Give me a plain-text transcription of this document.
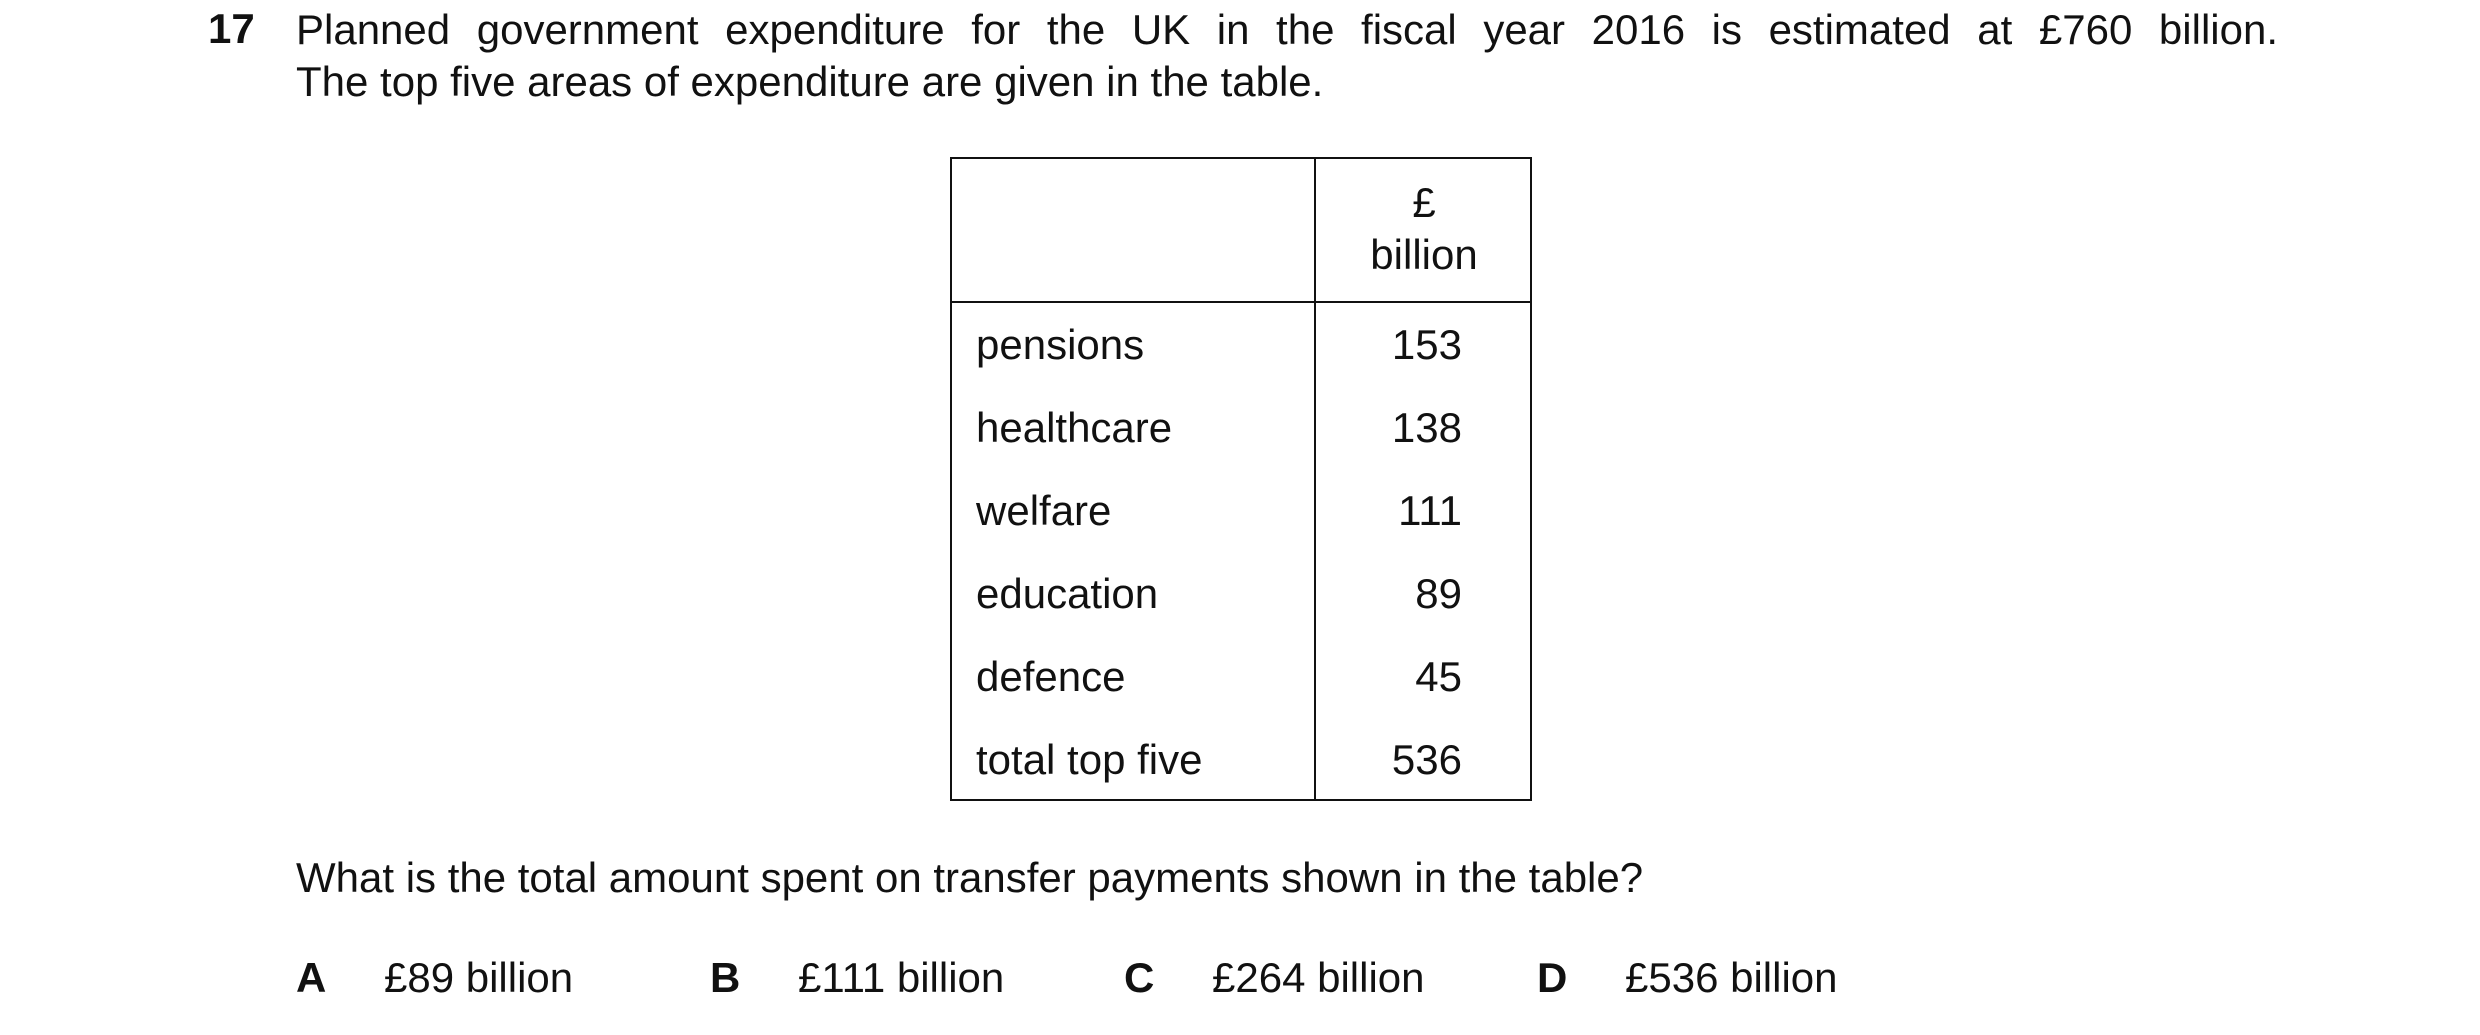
17 Planned government expenditure for the UK in the fiscal year 2016 is estimated at £760 billion.
The top five areas of expenditure are given in the table.
£
billion
pensions	153
healthcare	138
welfare	111
education	89
defence	45
total top five	536
What is the total amount spent on transfer payments shown in the table?
A £89 billion	B £111 billion	C £264 billion	D £536 billion
